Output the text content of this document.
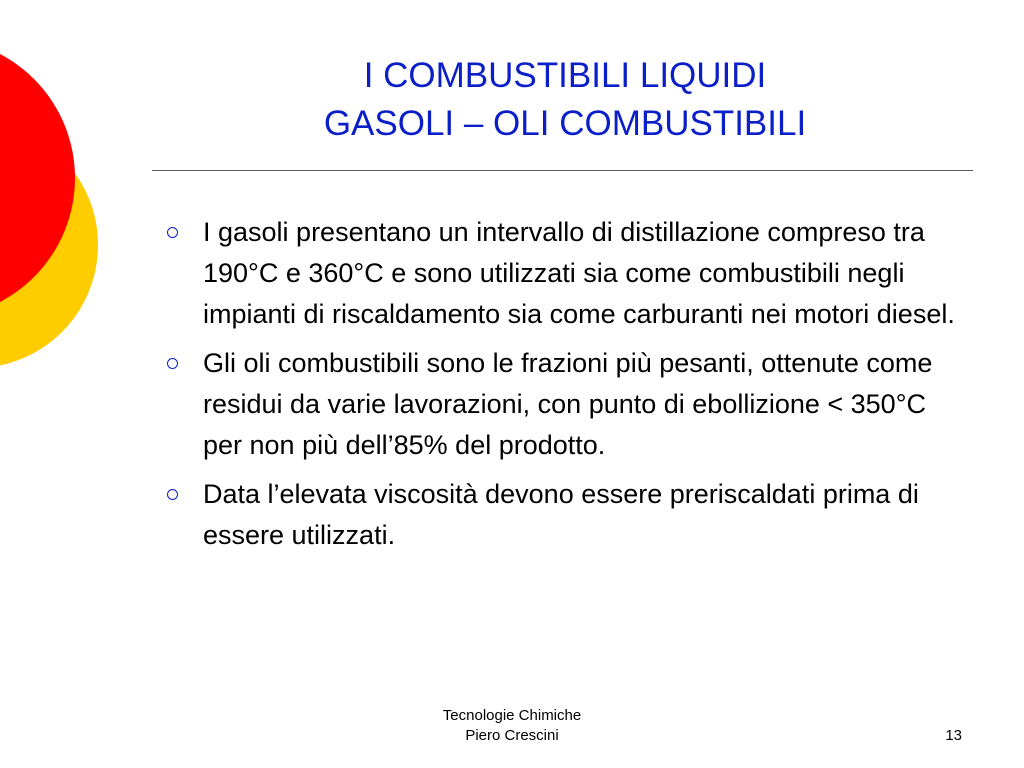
I COMBUSTIBILI LIQUIDI
GASOLI – OLI COMBUSTIBILI
I gasoli presentano un intervallo di distillazione compreso tra 190°C e 360°C e sono utilizzati sia come combustibili negli impianti di riscaldamento sia come carburanti nei motori diesel.
Gli oli combustibili sono le frazioni più pesanti, ottenute come residui da varie lavorazioni, con punto di ebollizione < 350°C per non più dell’85% del prodotto.
Data l’elevata viscosità devono essere preriscaldati prima di essere utilizzati.
Tecnologie Chimiche
Piero Crescini	13
